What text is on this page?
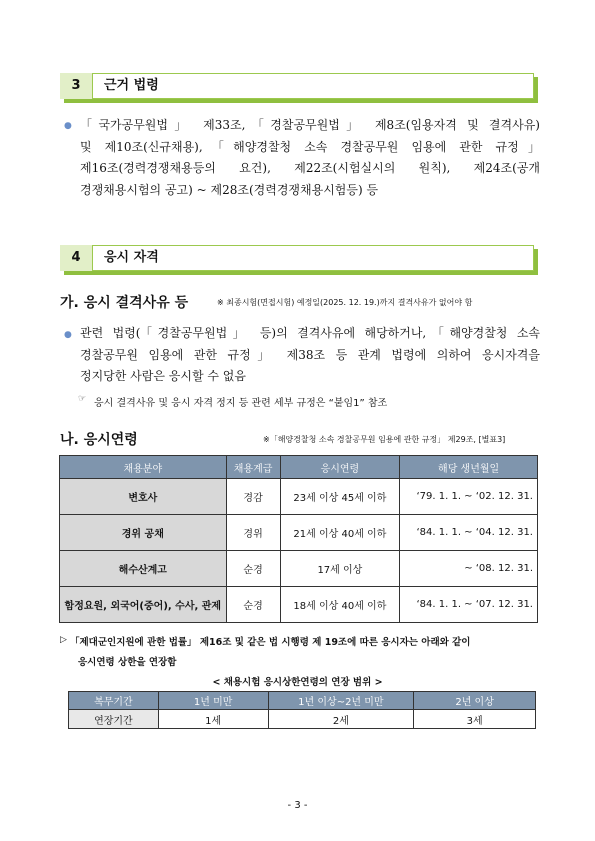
3	근거 법령
● 「국가공무원법」 제33조,「경찰공무원법」 제8조(임용자격 및 결격사유)
및 제10조(신규채용),「해양경찰청 소속 경찰공무원 임용에 관한 규정」
제16조(경력경쟁채용등의 요건), 제22조(시험실시의 원칙), 제24조(공개
경쟁채용시험의 공고) ~ 제28조(경력경쟁채용시험등) 등
4	응시 자격
가. 응시 결격사유 등	※ 최종시험(면접시험) 예정일(2025. 12. 19.)까지 결격사유가 없어야 함
● 관련 법령(「경찰공무원법」 등)의 결격사유에 해당하거나,「해양경찰청 소속
경찰공무원 임용에 관한 규정」 제38조 등 관계 법령에 의하여 응시자격을
정지당한 사람은 응시할 수 없음
☞ 응시 결격사유 및 응시 자격 정지 등 관련 세부 규정은 “붙임1” 참조
나. 응시연령	※「해양경찰청 소속 경찰공무원 임용에 관한 규정」 제29조, [별표3]
채용분야	채용계급	응시연령	해당 생년월일
변호사	경감	23세 이상 45세 이하	‘79. 1. 1. ~ ‘02. 12. 31.
경위 공채	경위	21세 이상 40세 이하	‘84. 1. 1. ~ ‘04. 12. 31.
해수산계고	순경	17세 이상	~ ‘08. 12. 31.
함정요원, 외국어(중어), 수사, 관제	순경	18세 이상 40세 이하	‘84. 1. 1. ~ ‘07. 12. 31.
▷ 「제대군인지원에 관한 법률」 제16조 및 같은 법 시행령 제 19조에 따른 응시자는 아래와 같이
응시연령 상한을 연장함
< 채용시험 응시상한연령의 연장 범위 >
복무기간	1년 미만	1년 이상~2년 미만	2년 이상
연장기간	1세	2세	3세
- 3 -
